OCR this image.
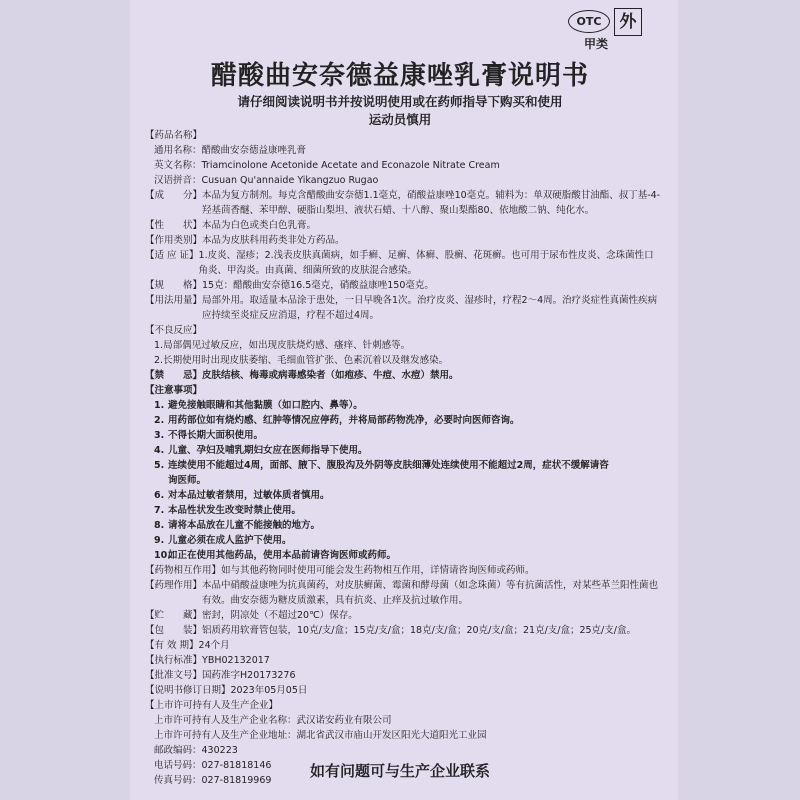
OTC	外
甲类
醋酸曲安奈德益康唑乳膏说明书
请仔细阅读说明书并按说明使用或在药师指导下购买和使用
运动员慎用
【药品名称】
通用名称： 醋酸曲安奈德益康唑乳膏
英文名称： Triamcinolone Acetonide Acetate and Econazole Nitrate Cream
汉语拼音： Cusuan Qu'annaide Yikangzuo Rugao
【成　　分】 本品为复方制剂。每克含醋酸曲安奈德1.1毫克，硝酸益康唑10毫克。辅料为：单双硬脂酸甘油酯、叔丁基-4-羟基茴香醚、苯甲醇、硬脂山梨坦、液状石蜡、十八醇、聚山梨酯80、依地酸二钠、纯化水。
【性　　状】 本品为白色或类白色乳膏。
【作用类别】 本品为皮肤科用药类非处方药品。
【适 应 证】 1.皮炎、湿疹；2.浅表皮肤真菌病，如手癣、足癣、体癣、股癣、花斑癣。也可用于尿布性皮炎、念珠菌性口角炎、甲沟炎。由真菌、细菌所致的皮肤混合感染。
【规　　格】 15克：醋酸曲安奈德16.5毫克，硝酸益康唑150毫克。
【用法用量】 局部外用。取适量本品涂于患处，一日早晚各1次。治疗皮炎、湿疹时，疗程2～4周。治疗炎症性真菌性疾病应持续至炎症反应消退，疗程不超过4周。
【不良反应】
1.局部偶见过敏反应，如出现皮肤烧灼感、瘙痒、针刺感等。
2.长期使用时出现皮肤萎缩、毛细血管扩张、色素沉着以及继发感染。
【禁　　忌】 皮肤结核、梅毒或病毒感染者（如疱疹、牛痘、水痘）禁用。
【注意事项】
1. 避免接触眼睛和其他黏膜（如口腔内、鼻等）。
2. 用药部位如有烧灼感、红肿等情况应停药，并将局部药物洗净，必要时向医师咨询。
3. 不得长期大面积使用。
4. 儿童、孕妇及哺乳期妇女应在医师指导下使用。
5. 连续使用不能超过4周，面部、腋下、腹股沟及外阴等皮肤细薄处连续使用不能超过2周，症状不缓解请咨
询医师。
6. 对本品过敏者禁用，过敏体质者慎用。
7. 本品性状发生改变时禁止使用。
8. 请将本品放在儿童不能接触的地方。
9. 儿童必须在成人监护下使用。
10.
如正在使用其他药品，使用本品前请咨询医师或药师。
【药物相互作用】 如与其他药物同时使用可能会发生药物相互作用，详情请咨询医师或药师。
【药理作用】 本品中硝酸益康唑为抗真菌药，对皮肤癣菌、霉菌和酵母菌（如念珠菌）等有抗菌活性，对某些革兰阳性菌也有效。曲安奈德为糖皮质激素，具有抗炎、止痒及抗过敏作用。
【贮　　藏】 密封，阴凉处（不超过20℃）保存。
【包　　装】 铝质药用软膏管包装，10克/支/盒；15克/支/盒；18克/支/盒；20克/支/盒；21克/支/盒；25克/支/盒。
【有 效 期】 24个月
【执行标准】 YBH02132017
【批准文号】 国药准字H20173276
【说明书修订日期】 2023年05月05日
【上市许可持有人及生产企业】
上市许可持有人及生产企业名称： 武汉诺安药业有限公司
上市许可持有人及生产企业地址： 湖北省武汉市庙山开发区阳光大道阳光工业园
邮政编码： 430223
电话号码： 027-81818146
传真号码： 027-81819969
如有问题可与生产企业联系
